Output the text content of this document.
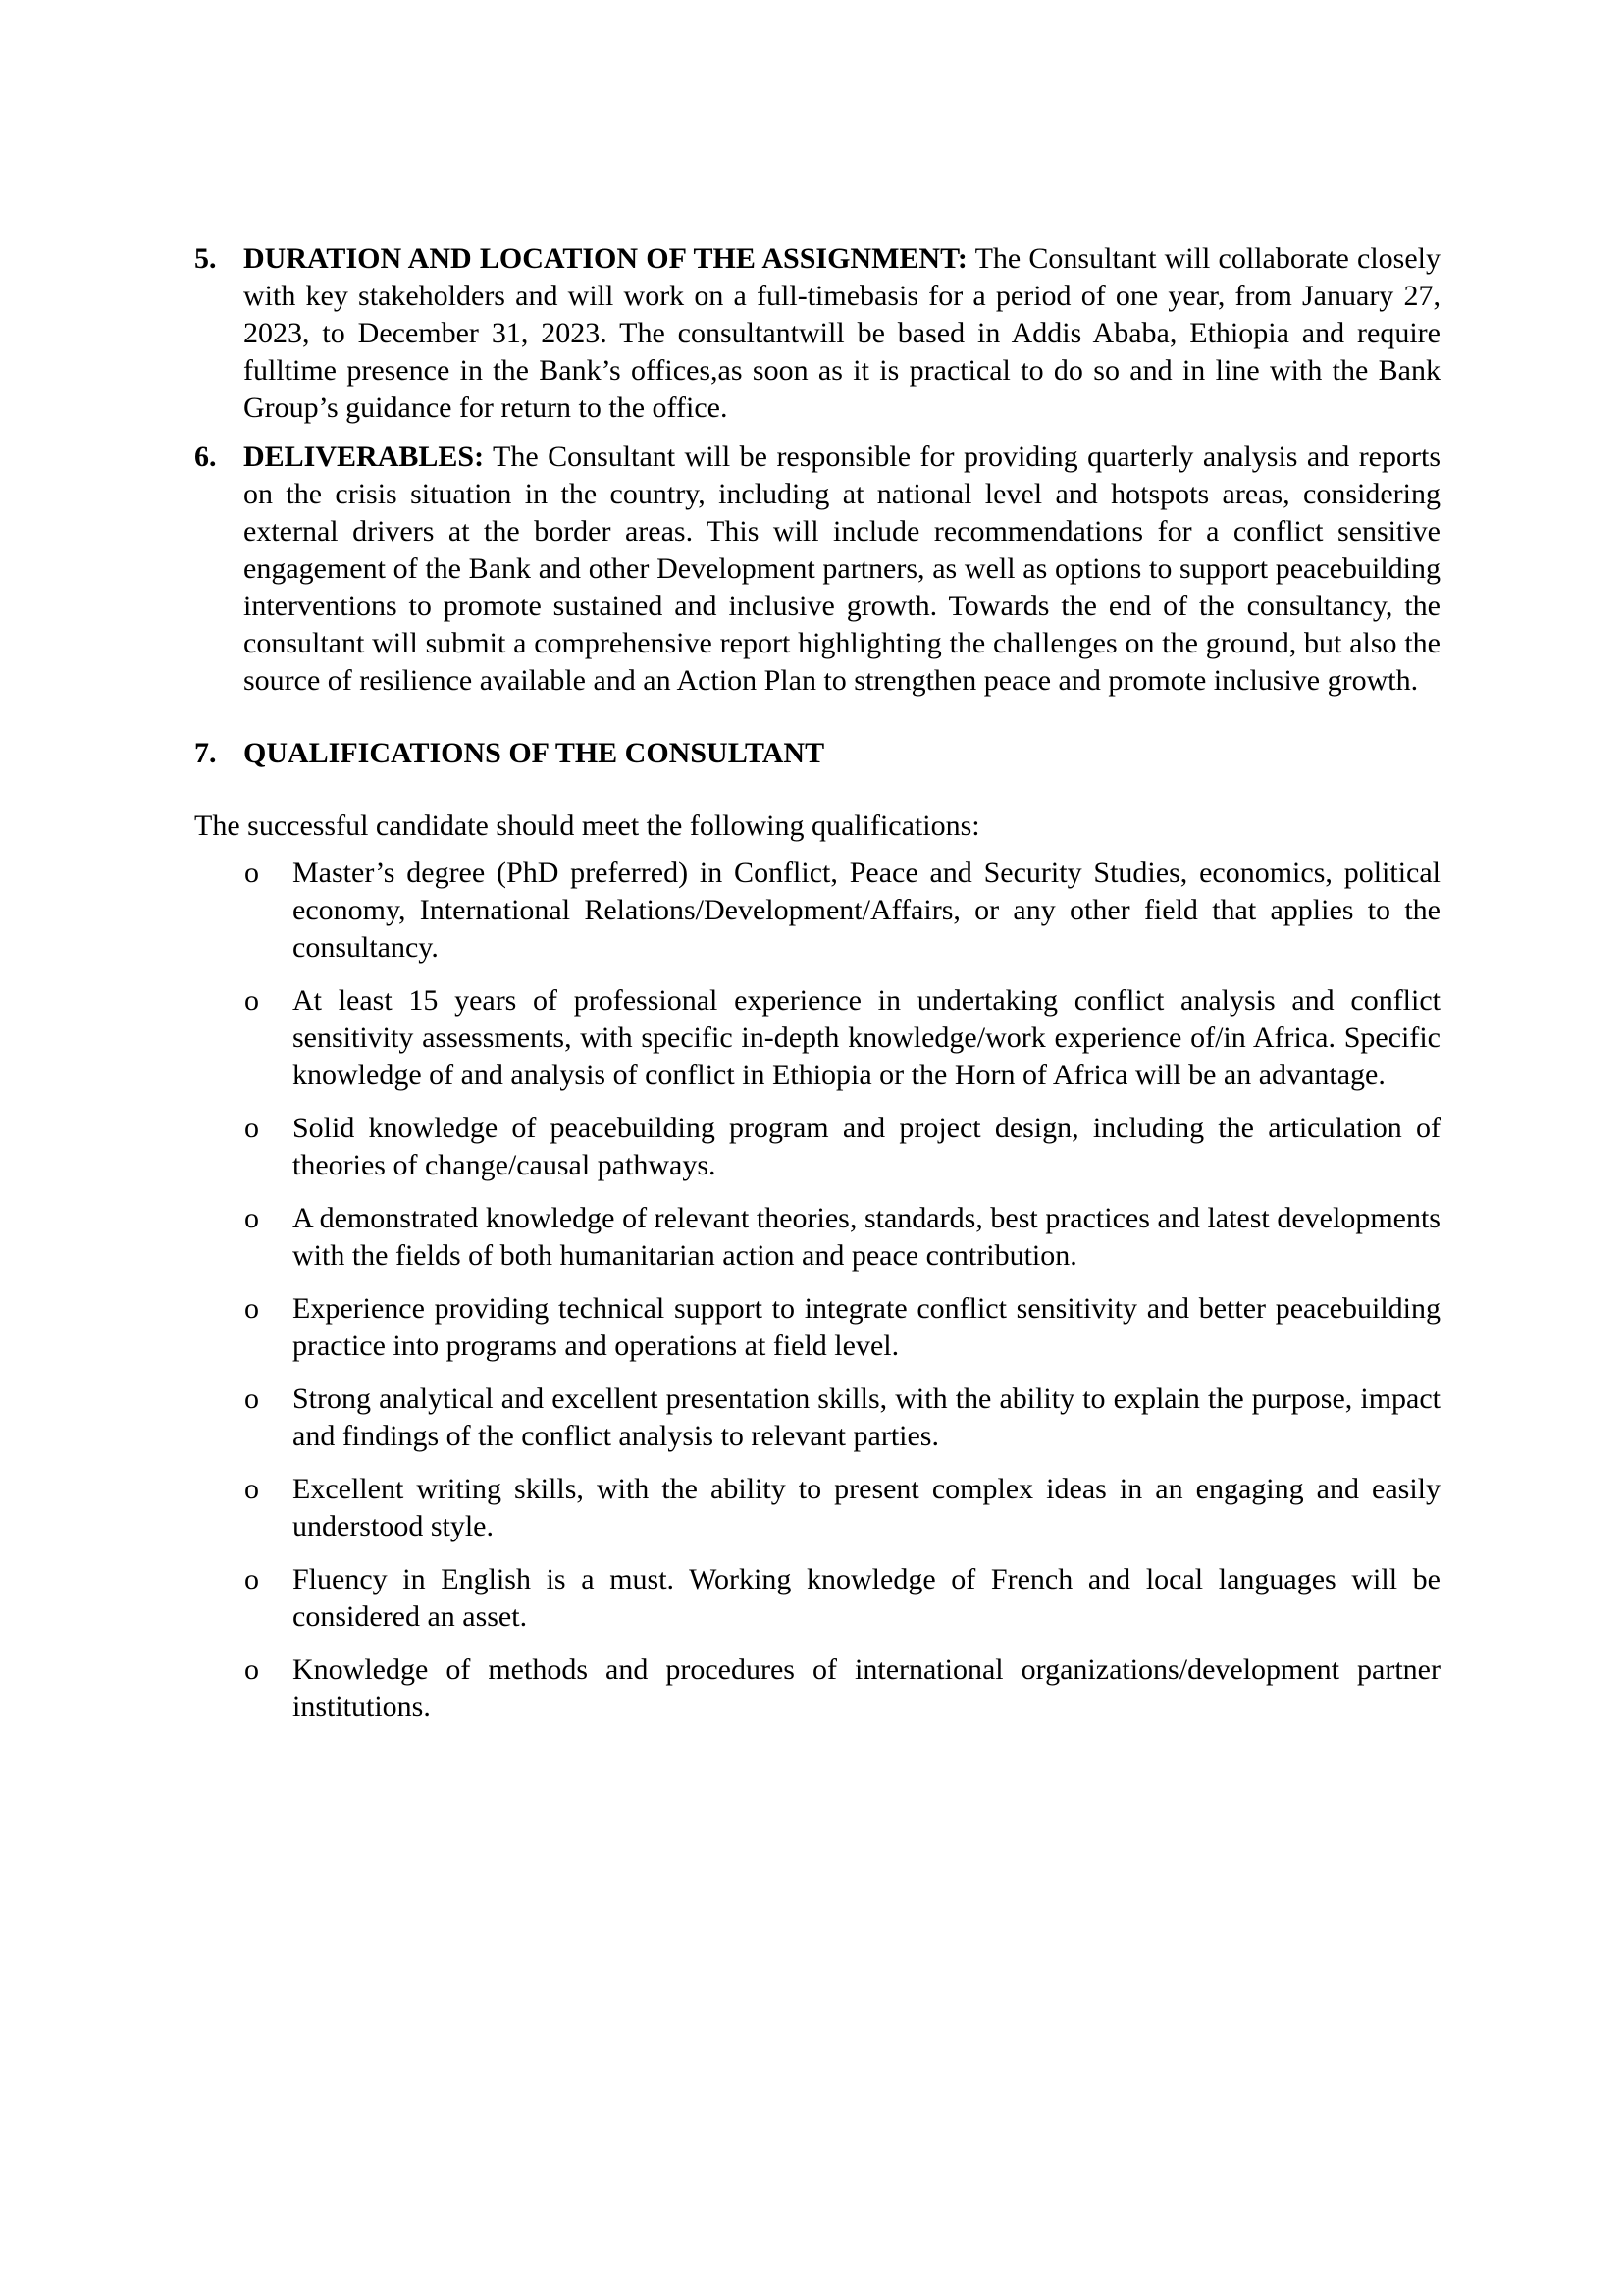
5. DURATION AND LOCATION OF THE ASSIGNMENT: The Consultant will collaborate closely with key stakeholders and will work on a full-timebasis for a period of one year, from January 27, 2023, to December 31, 2023. The consultantwill be based in Addis Ababa, Ethiopia and require fulltime presence in the Bank’s offices,as soon as it is practical to do so and in line with the Bank Group’s guidance for return to the office.
6. DELIVERABLES: The Consultant will be responsible for providing quarterly analysis and reports on the crisis situation in the country, including at national level and hotspots areas, considering external drivers at the border areas. This will include recommendations for a conflict sensitive engagement of the Bank and other Development partners, as well as options to support peacebuilding interventions to promote sustained and inclusive growth. Towards the end of the consultancy, the consultant will submit a comprehensive report highlighting the challenges on the ground, but also the source of resilience available and an Action Plan to strengthen peace and promote inclusive growth.
7. QUALIFICATIONS OF THE CONSULTANT
The successful candidate should meet the following qualifications:
o Master’s degree (PhD preferred) in Conflict, Peace and Security Studies, economics, political economy, International Relations/Development/Affairs, or any other field that applies to the consultancy.
o At least 15 years of professional experience in undertaking conflict analysis and conflict sensitivity assessments, with specific in-depth knowledge/work experience of/in Africa. Specific knowledge of and analysis of conflict in Ethiopia or the Horn of Africa will be an advantage.
o Solid knowledge of peacebuilding program and project design, including the articulation of theories of change/causal pathways.
o A demonstrated knowledge of relevant theories, standards, best practices and latest developments with the fields of both humanitarian action and peace contribution.
o Experience providing technical support to integrate conflict sensitivity and better peacebuilding practice into programs and operations at field level.
o Strong analytical and excellent presentation skills, with the ability to explain the purpose, impact and findings of the conflict analysis to relevant parties.
o Excellent writing skills, with the ability to present complex ideas in an engaging and easily understood style.
o Fluency in English is a must. Working knowledge of French and local languages will be considered an asset.
o Knowledge of methods and procedures of international organizations/development partner institutions.
